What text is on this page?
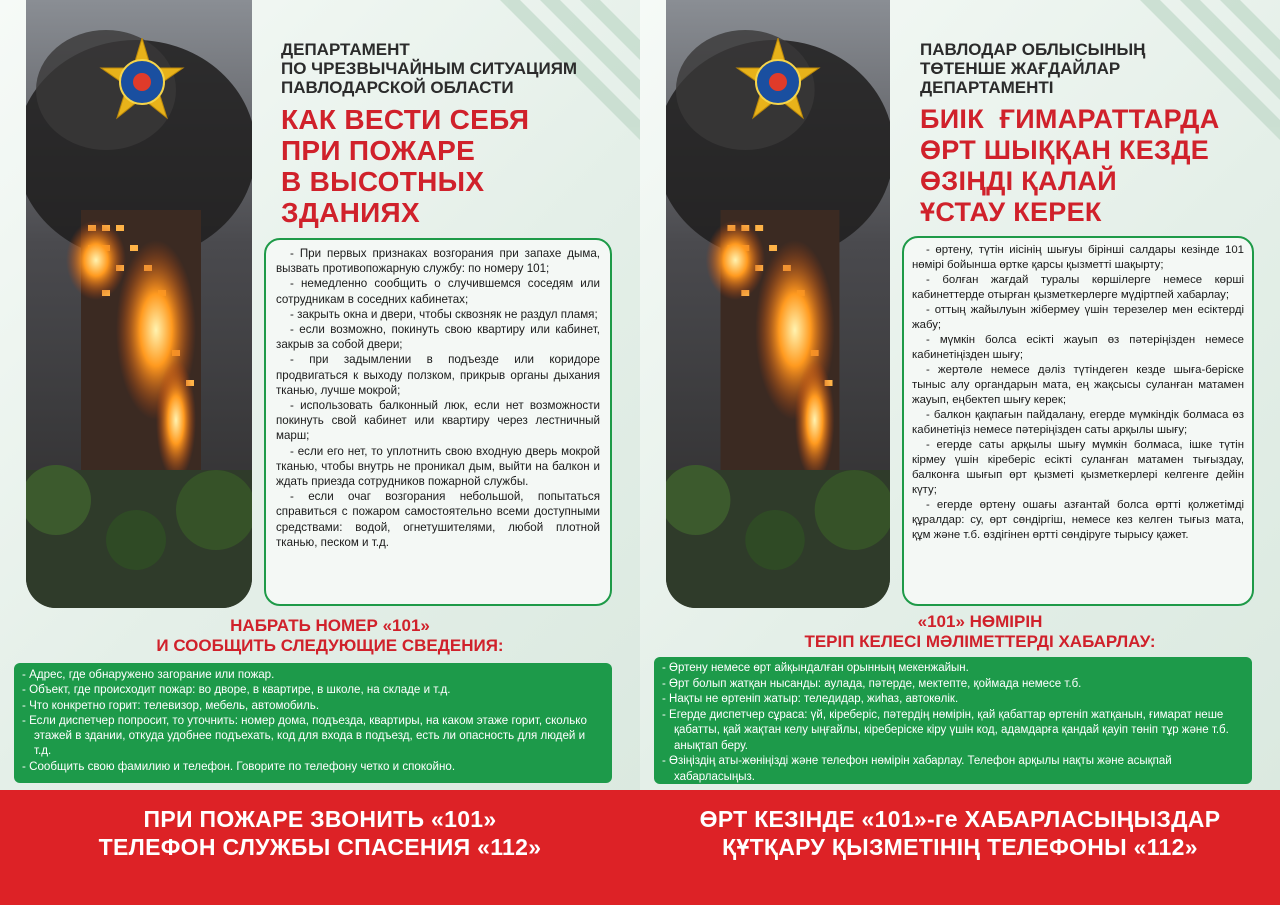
ДЕПАРТАМЕНТ
ПО ЧРЕЗВЫЧАЙНЫМ СИТУАЦИЯМ
ПАВЛОДАРСКОЙ ОБЛАСТИ
КАК ВЕСТИ СЕБЯ
ПРИ ПОЖАРЕ
В ВЫСОТНЫХ
ЗДАНИЯХ

- При первых признаках возгорания при запахе дыма, вызвать противопожарную службу: по номеру 101;

- немедленно сообщить о случившемся соседям или сотрудникам в соседних кабинетах;

- закрыть окна и двери, чтобы сквозняк не раздул пламя;

- если возможно, покинуть свою квартиру или кабинет, закрыв за собой двери;

- при задымлении в подъезде или коридоре продвигаться к выходу ползком, прикрыв органы дыхания тканью, лучше мокрой;

- использовать балконный люк, если нет возможности покинуть свой кабинет или квартиру через лестничный марш;

- если его нет, то уплотнить свою входную дверь мокрой тканью, чтобы внутрь не проникал дым, выйти на балкон и ждать приезда сотрудников пожарной службы.

- если очаг возгорания небольшой, попытаться справиться с пожаром самостоятельно всеми доступными средствами: водой, огнетушителями, любой плотной тканью, песком и т.д.

НАБРАТЬ НОМЕР «101»
И СООБЩИТЬ СЛЕДУЮЩИЕ СВЕДЕНИЯ:
- Адрес, где обнаружено загорание или пожар.
- Объект, где происходит пожар: во дворе, в квартире, в школе, на складе и т.д.
- Что конкретно горит: телевизор, мебель, автомобиль.
- Если диспетчер попросит, то уточнить: номер дома, подъезда, квартиры, на каком этаже горит, сколько этажей в здании, откуда удобнее подъехать, код для входа в подъезд, есть ли опасность для людей и т.д.
- Сообщить свою фамилию и телефон. Говорите по телефону четко и спокойно.
ПАВЛОДАР ОБЛЫСЫНЫҢ
ТӨТЕНШЕ ЖАҒДАЙЛАР
ДЕПАРТАМЕНТІ
БИІК  ҒИМАРАТТАРДА
ӨРТ ШЫҚҚАН КЕЗДЕ
ӨЗІҢДІ ҚАЛАЙ
ҰСТАУ КЕРЕК

- өртену, түтін иісінің шығуы бірінші салдары кезінде 101 нөмірі бойынша өртке қарсы қызметті шақырту;

- болған жағдай туралы көршілерге немесе көрші кабинеттерде отырған қызметкерлерге мүдіртпей хабарлау;

- оттың жайылуын жібермеу үшін терезелер мен есіктерді жабу;

- мүмкін болса есікті жауып өз пәтеріңізден немесе кабинетіңізден шығу;

- жертөле немесе дәліз түтіндеген кезде шыға-беріске тыныс алу органдарын мата, ең жақсысы суланған матамен жауып, еңбектеп шығу керек;

- балкон қақпағын пайдалану, егерде мүмкіндік болмаса өз кабинетіңіз немесе пәтеріңізден саты арқылы шығу;

- егерде саты арқылы шығу мүмкін болмаса, ішке түтін кірмеу үшін кіреберіс есікті суланған матамен тығыздау, балконға шығып өрт қызметі қызметкерлері келгенге дейін күту;

- егерде өртену ошағы азғантай болса өртті қолжетімді құралдар: су, өрт сөндіргіш, немесе кез келген тығыз мата, құм және т.б. өздігінен өртті сөндіруге тырысу қажет.

«101» НӨМІРІН
ТЕРІП КЕЛЕСІ МӘЛІМЕТТЕРДІ ХАБАРЛАУ:
- Өртену немесе өрт айқындалған орынның мекенжайын.
- Өрт болып жатқан нысанды: аулада, пәтерде, мектепте, қоймада немесе т.б.
- Нақты не өртеніп жатыр: теледидар, жиһаз, автокөлік.
- Егерде диспетчер сұраса: үй, кіреберіс, пәтердің нөмірін, қай қабаттар өртеніп жатқанын, ғимарат неше қабатты, қай жақтан келу ыңғайлы, кіреберіске кіру үшін код, адамдарға қандай қауіп төніп тұр және т.б. анықтап беру.
- Өзіңіздің аты-жөніңізді және телефон нөмірін хабарлау. Телефон арқылы нақты және асықпай хабарласыңыз.
ПРИ ПОЖАРЕ ЗВОНИТЬ «101»
ТЕЛЕФОН СЛУЖБЫ СПАСЕНИЯ «112»
ӨРТ КЕЗІНДЕ «101»-ге ХАБАРЛАСЫҢЫЗДАР
ҚҰТҚАРУ ҚЫЗМЕТІНІҢ ТЕЛЕФОНЫ «112»
